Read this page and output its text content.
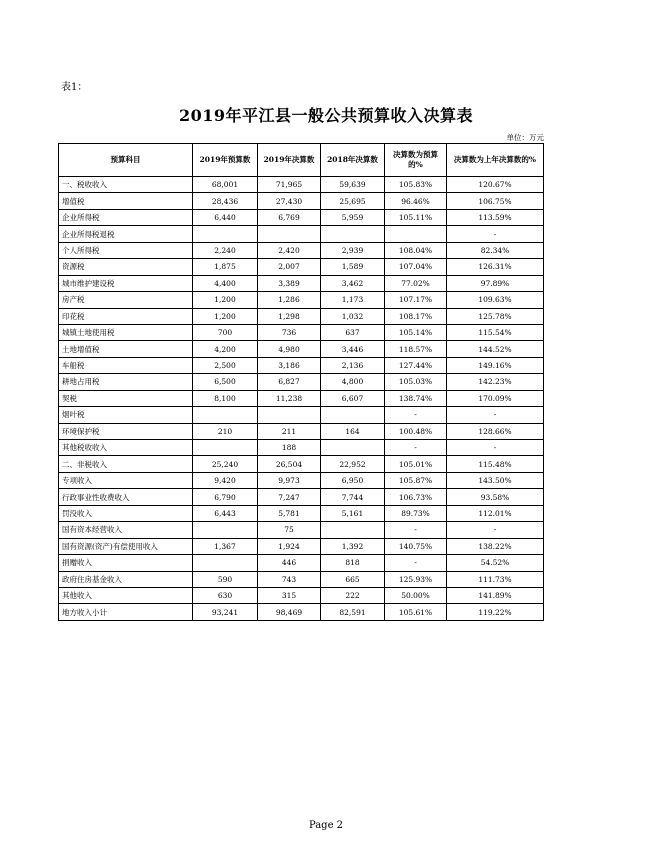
表1：
2019年平江县一般公共预算收入决算表
单位：万元
预算科目	2019年预算数	2019年决算数	2018年决算数	决算数为预算的%	决算数为上年决算数的%
一、税收收入	68,001	71,965	59,639	105.83%	120.67%
增值税	28,436	27,430	25,695	96.46%	106.75%
企业所得税	6,440	6,769	5,959	105.11%	113.59%
企业所得税退税					-
个人所得税	2,240	2,420	2,939	108.04%	82.34%
资源税	1,875	2,007	1,589	107.04%	126.31%
城市维护建设税	4,400	3,389	3,462	77.02%	97.89%
房产税	1,200	1,286	1,173	107.17%	109.63%
印花税	1,200	1,298	1,032	108.17%	125.78%
城镇土地使用税	700	736	637	105.14%	115.54%
土地增值税	4,200	4,980	3,446	118.57%	144.52%
车船税	2,500	3,186	2,136	127.44%	149.16%
耕地占用税	6,500	6,827	4,800	105.03%	142.23%
契税	8,100	11,238	6,607	138.74%	170.09%
烟叶税				-	-
环境保护税	210	211	164	100.48%	128.66%
其他税收收入		188		-	-
二、非税收入	25,240	26,504	22,952	105.01%	115.48%
专项收入	9,420	9,973	6,950	105.87%	143.50%
行政事业性收费收入	6,790	7,247	7,744	106.73%	93.58%
罚没收入	6,443	5,781	5,161	89.73%	112.01%
国有资本经营收入		75		-	-
国有资源(资产)有偿使用收入	1,367	1,924	1,392	140.75%	138.22%
捐赠收入		446	818	-	54.52%
政府住房基金收入	590	743	665	125.93%	111.73%
其他收入	630	315	222	50.00%	141.89%
地方收入小计	93,241	98,469	82,591	105.61%	119.22%
Page 2
